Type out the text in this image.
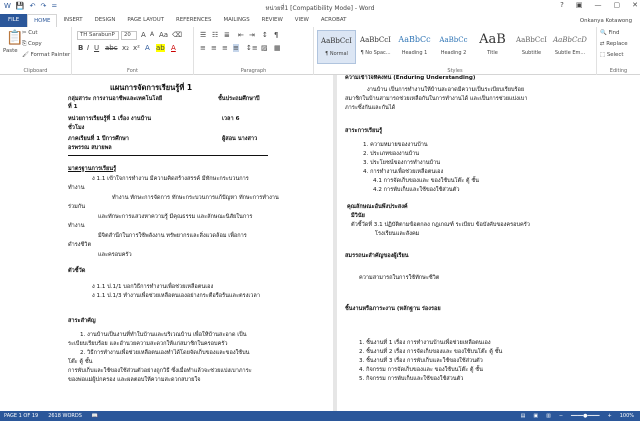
W 💾 ↶ ↷ =	หน่วยที่1 [Compatibility Mode] - Word	? ▣ — ▢ ✕
FILE	HOME	INSERT	DESIGN	PAGE LAYOUT	REFERENCES	MAILINGS	REVIEW	VIEW	ACROBAT	Onkanya Kotawong
📋
Paste
✂ Cut
⎘ Copy
🖌 Format Painter
Clipboard
TH SarabunP	20	A A Aa ⌫
B I U abc x₂ x² A ab A
Font
☰ ☷ ≣ ⇤ ⇥ ↕ ¶
≡ ≡ ≡ ≡ ↕≡ ▨ ▦
Paragraph
AaBbCcI
¶ Normal
AaBbCcI
¶ No Spac...
AaBbCc
Heading 1
AaBbCc
Heading 2
AaB
Title
AaBbCcI
Subtitle
AaBbCcD
Subtle Em...
Styles
🔍 Find
⇄ Replace
⬚ Select
Editing
แผนการจัดการเรียนรู้ที่ 1
กลุ่มสาระ การงานอาชีพและเทคโนโลยี	ชั้นประถมศึกษาปี
ที่ 1
หน่วยการเรียนรู้ที่ 1 เรื่อง งานบ้าน	เวลา 6
ชั่วโมง
ภาคเรียนที่ 1 ปีการศึกษา	ผู้สอน นางสาว
อรพรรณ สบายพล
มาตรฐานการเรียนรู้
ง 1.1 เข้าใจการทำงาน มีความคิดสร้างสรรค์ มีทักษะกระบวนการ
ทำงาน
ทำงาน ทักษะการจัดการ ทักษะกระบวนการแก้ปัญหา ทักษะการทำงาน
ร่วมกัน
และทักษะการแสวงหาความรู้ มีคุณธรรม และลักษณะนิสัยในการ
ทำงาน
มีจิตสำนึกในการใช้พลังงาน ทรัพยากรและสิ่งแวดล้อม เพื่อการ
ดำรงชีวิต
และครอบครัว
ตัวชี้วัด
ง 1.1 ป.1/1 บอกวิธีการทำงานเพื่อช่วยเหลือตนเอง
ง 1.1 ป.1/3 ทำงานเพื่อช่วยเหลือตนเองอย่างกระตือรือร้นและตรงเวลา
สาระสำคัญ
1. งานบ้านเป็นงานที่ทำในบ้านและบริเวณบ้าน เพื่อให้บ้านสะอาด เป็น
ระเบียบเรียบร้อย และอำนวยความสะดวกให้แก่สมาชิกในครอบครัว
2. วิธีการทำงานเพื่อช่วยเหลือตนเองทำได้โดยจัดเก็บของและของใช้บน
โต๊ะ ตู้ ชั้น
การพับเก็บและใช้ของใช้ส่วนตัวอย่างถูกวิธี ซึ่งเมื่อทำแล้วจะช่วยแบ่งเบาภาระ
ของพ่อแม่ผู้ปกครอง และผลตอบให้ความสะดวกสบายใจ
ความเข้าใจที่คงทน (Enduring Understanding)
งานบ้าน เป็นการทำงานให้บ้านสะอาดมีความเป็นระเบียบเรียบร้อย
สมาชิกในบ้านสามารถช่วยเหลือกันในการทำงานได้ และเป็นการช่วยแบ่งเบา
ภาระซึ่งกันและกันได้
สาระการเรียนรู้
1. ความหมายของงานบ้าน
2. ประเภทของงานบ้าน
3. ประโยชน์ของการทำงานบ้าน
4. การทำงานเพื่อช่วยเหลือตนเอง
4.1 การจัดเก็บของและ ของใช้บนโต๊ะ ตู้ ชั้น
4.2 การพับเก็บและใช้ของใช้ส่วนตัว
คุณลักษณะอันพึงประสงค์
มีวินัย
ตัวชี้วัดที่ 3.1 ปฏิบัติตามข้อตกลง กฎเกณฑ์ ระเบียบ ข้อบังคับของครอบครัว
โรงเรียนและสังคม
สมรรถนะสำคัญของผู้เรียน
ความสามารถในการใช้ทักษะชีวิต
ชิ้นงานหรือภาระงาน (หลักฐาน ร่องรอย
1. ชิ้นงานที่ 1 เรื่อง การทำงานบ้านเพื่อช่วยเหลือตนเอง
2. ชิ้นงานที่ 2 เรื่อง การจัดเก็บของและ ของใช้บนโต๊ะ ตู้ ชั้น
3. ชิ้นงานที่ 3 เรื่อง การพับเก็บและใช้ของใช้ส่วนตัว
4. กิจกรรม การจัดเก็บของและ ของใช้บนโต๊ะ ตู้ ชั้น
5. กิจกรรม การพับเก็บและใช้ของใช้ส่วนตัว
PAGE 1 OF 19 2618 WORDS 📖	▤ ▣ ▥ − ━━━━●━━━━ + 100%
